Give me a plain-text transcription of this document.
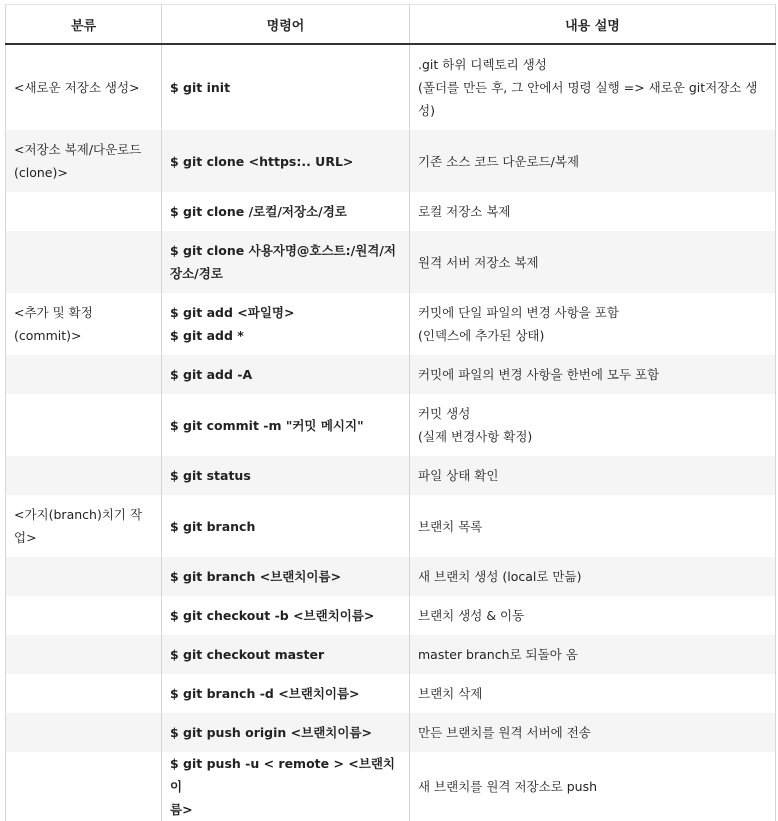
분류	명령어	내용 설명

<새로운 저장소 생성>	$ git init	.git 하위 디렉토리 생성
(폴더를 만든 후, 그 안에서 명령 실행 => 새로운 git저장소 생
성)

<저장소 복제/다운로드
(clone)>	$ git clone <https:.. URL>	기존 소스 코드 다운로드/복제

	$ git clone /로컬/저장소/경로	로컬 저장소 복제

	$ git clone 사용자명@호스트:/원격/저
장소/경로	원격 서버 저장소 복제

<추가 및 확정
(commit)>	$ git add <파일명>
$ git add *	커밋에 단일 파일의 변경 사항을 포함
(인덱스에 추가된 상태)

	$ git add -A	커밋에 파일의 변경 사항을 한번에 모두 포함

	$ git commit -m "커밋 메시지"	커밋 생성
(실제 변경사항 확정)

	$ git status	파일 상태 확인

<가지(branch)치기 작
업>	$ git branch	브랜치 목록

	$ git branch <브랜치이름>	새 브랜치 생성 (local로 만듦)

	$ git checkout -b <브랜치이름>	브랜치 생성 & 이동

	$ git checkout master	master branch로 되돌아 옴

	$ git branch -d <브랜치이름>	브랜치 삭제

	$ git push origin <브랜치이름>	만든 브랜치를 원격 서버에 전송

	$ git push -u < remote > <브랜치이
름>	새 브랜치를 원격 저장소로 push
